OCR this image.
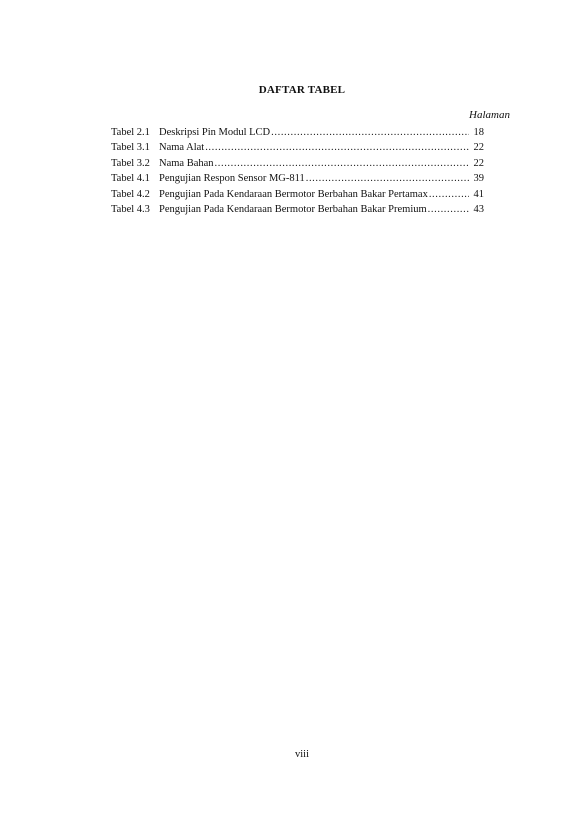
DAFTAR TABEL
Halaman
Tabel 2.1 Deskripsi Pin Modul LCD .....	18
Tabel 3.1 Nama Alat .....	22
Tabel 3.2 Nama Bahan .....	22
Tabel 4.1 Pengujian Respon Sensor MG-811 .....	39
Tabel 4.2 Pengujian Pada Kendaraan Bermotor Berbahan Bakar Pertamax .....	41
Tabel 4.3 Pengujian Pada Kendaraan Bermotor Berbahan Bakar Premium .....	43
viii
